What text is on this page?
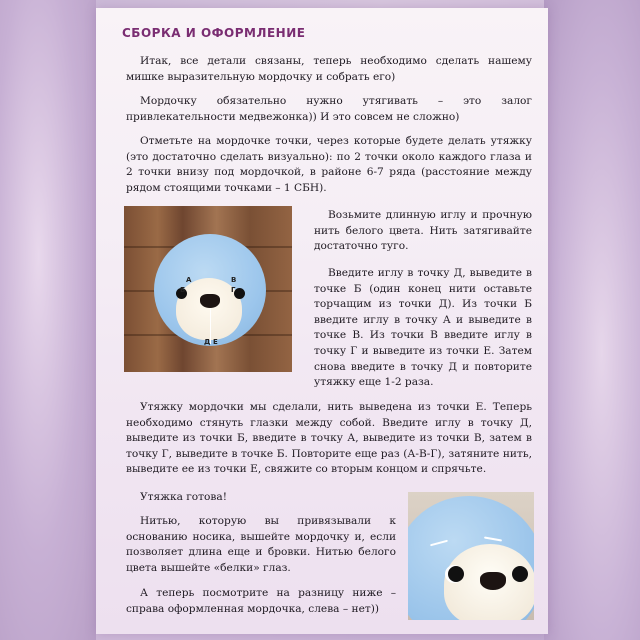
СБОРКА И ОФОРМЛЕНИЕ
Итак, все детали связаны, теперь необходимо сделать нашему мишке выразительную мордочку и собрать его)
Мордочку обязательно нужно утягивать – это залог привлекательности медвежонка)) И это совсем не сложно)
Отметьте на мордочке точки, через которые будете делать утяжку (это достаточно сделать визуально): по 2 точки около каждого глаза и 2 точки внизу под мордочкой, в районе 6-7 ряда (расстояние между рядом стоящими точками – 1 СБН).
А
Б
В
Г
Д Е
Возьмите длинную иглу и прочную нить белого цвета. Нить затягивайте достаточно туго.
Введите иглу в точку Д, выведите в точке Б (один конец нити оставьте торчащим из точки Д). Из точки Б введите иглу в точку А и выведите в точке В. Из точки В введите иглу в точку Г и выведите из точки Е. Затем снова введите в точку Д и повторите утяжку еще 1-2 раза.
Утяжку мордочки мы сделали, нить выведена из точки Е. Теперь необходимо стянуть глазки между собой. Введите иглу в точку Д, выведите из точки Б, введите в точку А, выведите из точки В, затем в точку Г, выведите в точке Б. Повторите еще раз (А-В-Г), затяните нить, выведите ее из точки Е, свяжите со вторым концом и спрячьте.
Утяжка готова!
Нитью, которую вы привязывали к основанию носика, вышейте мордочку и, если позволяет длина еще и бровки. Нитью белого цвета вышейте «белки» глаз.
А теперь посмотрите на разницу ниже – справа оформленная мордочка, слева – нет))
